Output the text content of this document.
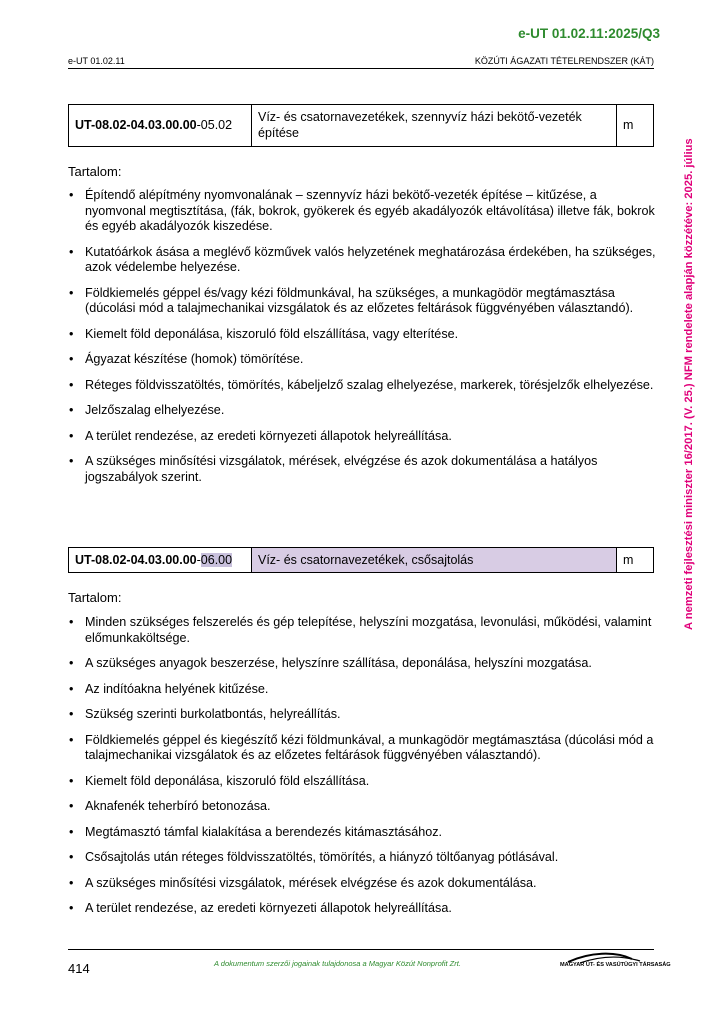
e-UT 01.02.11:2025/Q3
e-UT 01.02.11	KÖZÚTI ÁGAZATI TÉTELRENDSZER (KÁT)
A nemzeti fejlesztési miniszter 16/2017. (V. 25.) NFM rendelete alapján közzétéve: 2025. július
UT-08.02-04.03.00.00-05.02	Víz- és csatornavezetékek, szennyvíz házi bekötő-vezeték építése	m
Tartalom:
• Építendő alépítmény nyomvonalának – szennyvíz házi bekötő-vezeték építése – kitűzése, a nyomvonal megtisztítása, (fák, bokrok, gyökerek és egyéb akadályozók eltávolítása) illetve fák, bokrok és egyéb akadályozók kiszedése.
• Kutatóárkok ásása a meglévő közművek valós helyzetének meghatározása érdekében, ha szükséges, azok védelembe helyezése.
• Földkiemelés géppel és/vagy kézi földmunkával, ha szükséges, a munkagödör megtámasztása (dúcolási mód a talajmechanikai vizsgálatok és az előzetes feltárások függvényében választandó).
• Kiemelt föld deponálása, kiszoruló föld elszállítása, vagy elterítése.
• Ágyazat készítése (homok) tömörítése.
• Réteges földvisszatöltés, tömörítés, kábeljelző szalag elhelyezése, markerek, törésjelzők elhelyezése.
• Jelzőszalag elhelyezése.
• A terület rendezése, az eredeti környezeti állapotok helyreállítása.
• A szükséges minősítési vizsgálatok, mérések, elvégzése és azok dokumentálása a hatályos jogszabályok szerint.
UT-08.02-04.03.00.00-06.00	Víz- és csatornavezetékek, csősajtolás	m
Tartalom:
• Minden szükséges felszerelés és gép telepítése, helyszíni mozgatása, levonulási, működési, valamint előmunkaköltsége.
• A szükséges anyagok beszerzése, helyszínre szállítása, deponálása, helyszíni mozgatása.
• Az indítóakna helyének kitűzése.
• Szükség szerinti burkolatbontás, helyreállítás.
• Földkiemelés géppel és kiegészítő kézi földmunkával, a munkagödör megtámasztása (dúcolási mód a talajmechanikai vizsgálatok és az előzetes feltárások függvényében választandó).
• Kiemelt föld deponálása, kiszoruló föld elszállítása.
• Aknafenék teherbíró betonozása.
• Megtámasztó támfal kialakítása a berendezés kitámasztásához.
• Csősajtolás után réteges földvisszatöltés, tömörítés, a hiányzó töltőanyag pótlásával.
• A szükséges minősítési vizsgálatok, mérések elvégzése és azok dokumentálása.
• A terület rendezése, az eredeti környezeti állapotok helyreállítása.
414	A dokumentum szerzői jogainak tulajdonosa a Magyar Közút Nonprofit Zrt.	MAGYAR ÚT- ÉS VASÚTÜGYI TÁRSASÁG
